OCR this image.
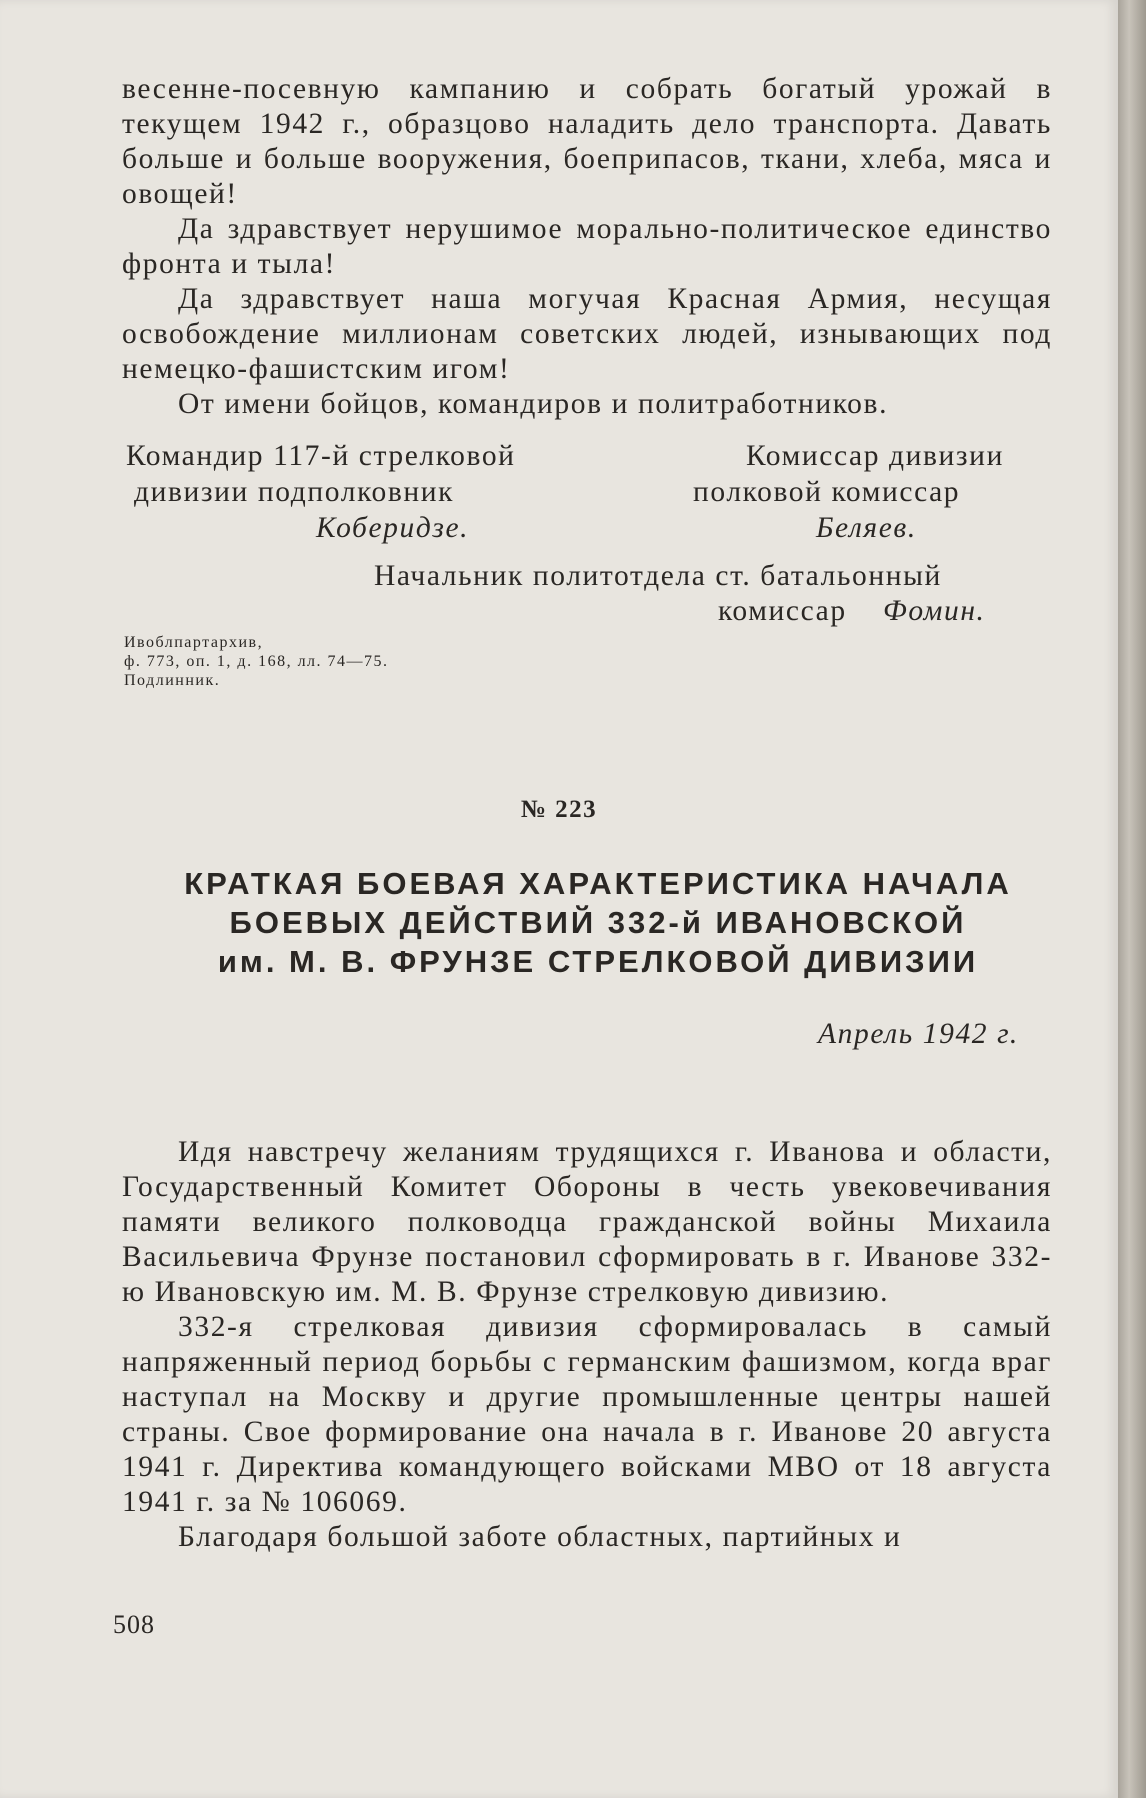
весенне-посевную кампанию и собрать богатый урожай в текущем 1942 г., образцово наладить дело транспорта. Давать больше и больше вооружения, боеприпасов, ткани, хлеба, мяса и овощей!

Да здравствует нерушимое морально-политическое единство фронта и тыла!

Да здравствует наша могучая Красная Армия, несущая освобождение миллионам советских людей, изнывающих под немецко-фашистским игом!

От имени бойцов, командиров и политработников.

Командир 117-й стрелковой
дивизии подполковник
Коберидзе.
Комиссар дивизии
полковой комиссар
Беляев.
Начальник политотдела ст. батальонный
комиссар Фомин.
Ивоблпартархив,
ф. 773, оп. 1, д. 168, лл. 74—75.
Подлинник.
№ 223
КРАТКАЯ БОЕВАЯ ХАРАКТЕРИСТИКА НАЧАЛА
БОЕВЫХ ДЕЙСТВИЙ 332-й ИВАНОВСКОЙ
им. М. В. ФРУНЗЕ СТРЕЛКОВОЙ ДИВИЗИИ
Апрель 1942 г.

Идя навстречу желаниям трудящихся г. Иванова и области, Государственный Комитет Обороны в честь увековечивания памяти великого полководца гражданской войны Михаила Васильевича Фрунзе постановил сформировать в г. Иванове 332-ю Ивановскую им. М. В. Фрунзе стрелковую дивизию.

332-я стрелковая дивизия сформировалась в самый напряженный период борьбы с германским фашизмом, когда враг наступал на Москву и другие промышленные центры нашей страны. Свое формирование она начала в г. Иванове 20 августа 1941 г. Директива командующего войсками МВО от 18 августа 1941 г. за № 106069.

Благодаря большой заботе областных, партийных и

508
